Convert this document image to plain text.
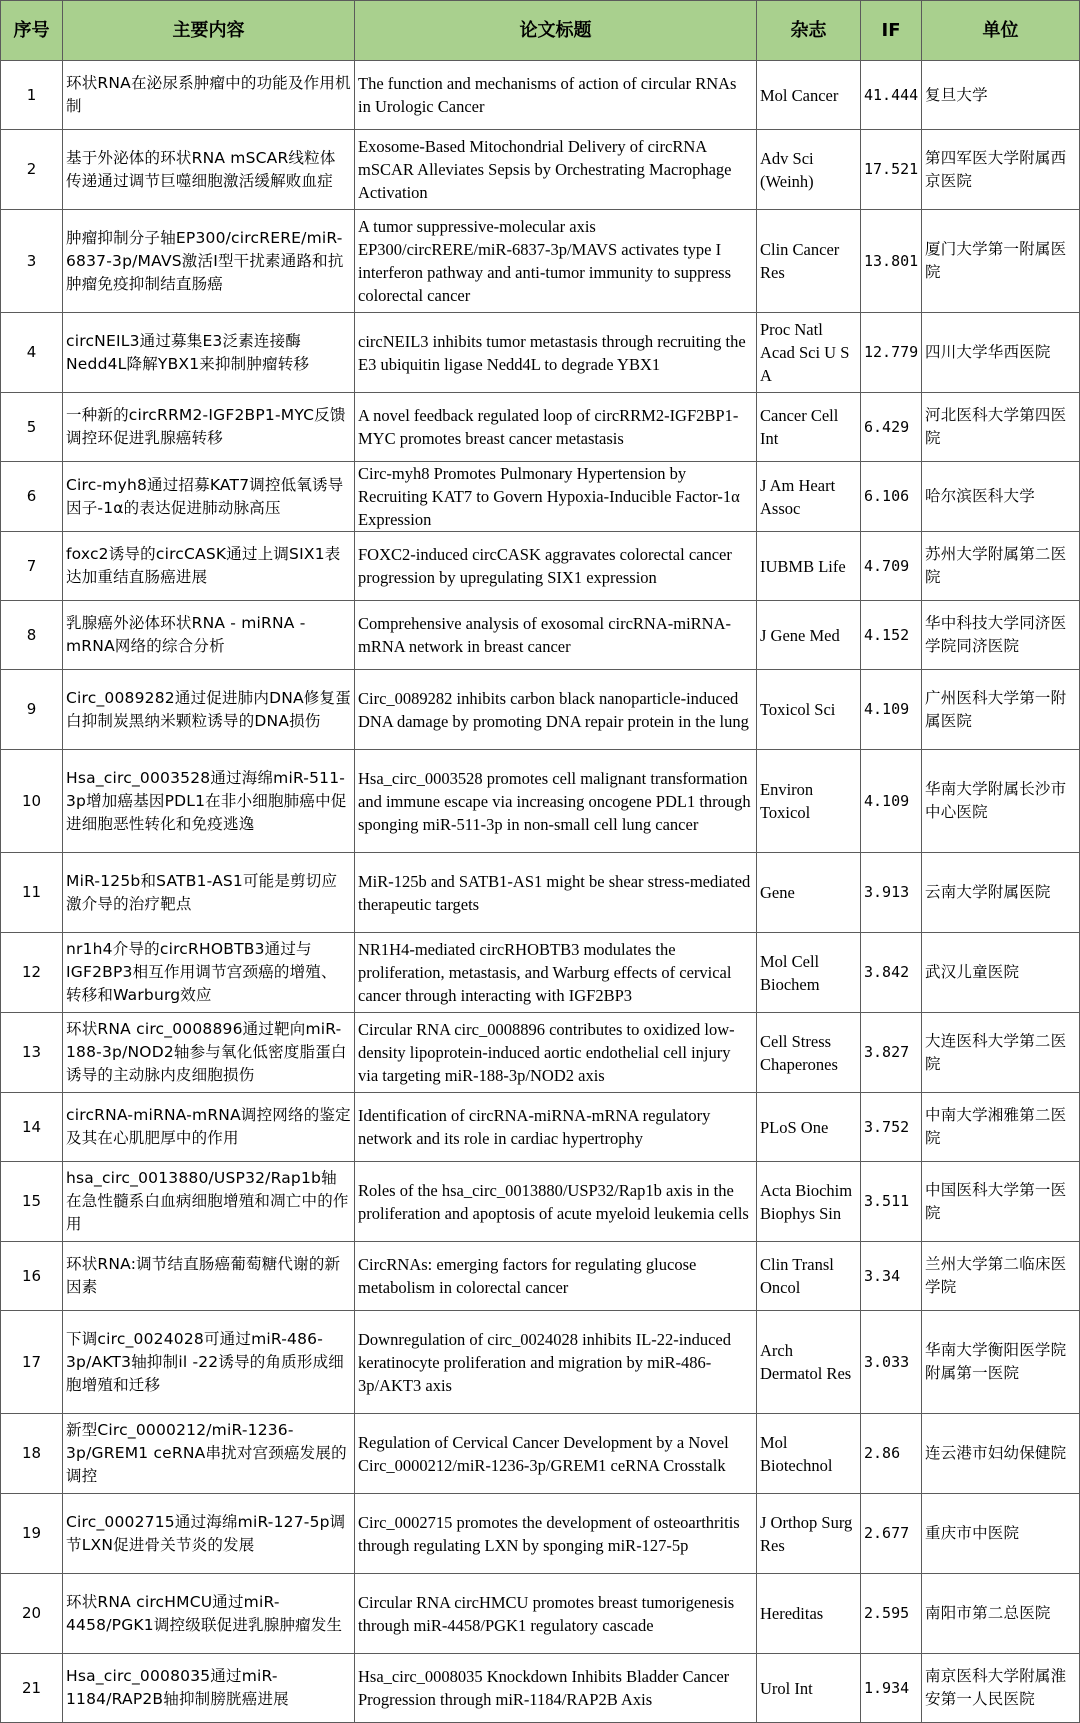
序号	主要内容	论文标题	杂志	IF	单位
1	环状RNA在泌尿系肿瘤中的功能及作用机制	The function and mechanisms of action of circular RNAs in Urologic Cancer	Mol Cancer	41.444	复旦大学
2	基于外泌体的环状RNA mSCAR线粒体传递通过调节巨噬细胞激活缓解败血症	Exosome-Based Mitochondrial Delivery of circRNA mSCAR Alleviates Sepsis by Orchestrating Macrophage Activation	Adv Sci (Weinh)	17.521	第四军医大学附属西京医院
3	肿瘤抑制分子轴EP300/circRERE/miR-6837-3p/MAVS激活I型干扰素通路和抗肿瘤免疫抑制结直肠癌	A tumor suppressive-molecular axis EP300/circRERE/miR-6837-3p/MAVS activates type I interferon pathway and anti-tumor immunity to suppress colorectal cancer	Clin Cancer Res	13.801	厦门大学第一附属医院
4	circNEIL3通过募集E3泛素连接酶Nedd4L降解YBX1来抑制肿瘤转移	circNEIL3 inhibits tumor metastasis through recruiting the E3 ubiquitin ligase Nedd4L to degrade YBX1	Proc Natl Acad Sci U S A	12.779	四川大学华西医院
5	一种新的circRRM2-IGF2BP1-MYC反馈调控环促进乳腺癌转移	A novel feedback regulated loop of circRRM2-IGF2BP1-MYC promotes breast cancer metastasis	Cancer Cell Int	6.429	河北医科大学第四医院
6	Circ-myh8通过招募KAT7调控低氧诱导因子-1α的表达促进肺动脉高压	Circ-myh8 Promotes Pulmonary Hypertension by Recruiting KAT7 to Govern Hypoxia-Inducible Factor-1α Expression	J Am Heart Assoc	6.106	哈尔滨医科大学
7	foxc2诱导的circCASK通过上调SIX1表达加重结直肠癌进展	FOXC2-induced circCASK aggravates colorectal cancer progression by upregulating SIX1 expression	IUBMB Life	4.709	苏州大学附属第二医院
8	乳腺癌外泌体环状RNA - miRNA - mRNA网络的综合分析	Comprehensive analysis of exosomal circRNA-miRNA-mRNA network in breast cancer	J Gene Med	4.152	华中科技大学同济医学院同济医院
9	Circ_0089282通过促进肺内DNA修复蛋白抑制炭黑纳米颗粒诱导的DNA损伤	Circ_0089282 inhibits carbon black nanoparticle-induced DNA damage by promoting DNA repair protein in the lung	Toxicol Sci	4.109	广州医科大学第一附属医院
10	Hsa_circ_0003528通过海绵miR-511-3p增加癌基因PDL1在非小细胞肺癌中促进细胞恶性转化和免疫逃逸	Hsa_circ_0003528 promotes cell malignant transformation and immune escape via increasing oncogene PDL1 through sponging miR-511-3p in non-small cell lung cancer	Environ Toxicol	4.109	华南大学附属长沙市中心医院
11	MiR-125b和SATB1-AS1可能是剪切应激介导的治疗靶点	MiR-125b and SATB1-AS1 might be shear stress-mediated therapeutic targets	Gene	3.913	云南大学附属医院
12	nr1h4介导的circRHOBTB3通过与IGF2BP3相互作用调节宫颈癌的增殖、转移和Warburg效应	NR1H4-mediated circRHOBTB3 modulates the proliferation, metastasis, and Warburg effects of cervical cancer through interacting with IGF2BP3	Mol Cell Biochem	3.842	武汉儿童医院
13	环状RNA circ_0008896通过靶向miR-188-3p/NOD2轴参与氧化低密度脂蛋白诱导的主动脉内皮细胞损伤	Circular RNA circ_0008896 contributes to oxidized low-density lipoprotein-induced aortic endothelial cell injury via targeting miR-188-3p/NOD2 axis	Cell Stress Chaperones	3.827	大连医科大学第二医院
14	circRNA-miRNA-mRNA调控网络的鉴定及其在心肌肥厚中的作用	Identification of circRNA-miRNA-mRNA regulatory network and its role in cardiac hypertrophy	PLoS One	3.752	中南大学湘雅第二医院
15	hsa_circ_0013880/USP32/Rap1b轴在急性髓系白血病细胞增殖和凋亡中的作用	Roles of the hsa_circ_0013880/USP32/Rap1b axis in the proliferation and apoptosis of acute myeloid leukemia cells	Acta Biochim Biophys Sin	3.511	中国医科大学第一医院
16	环状RNA:调节结直肠癌葡萄糖代谢的新因素	CircRNAs: emerging factors for regulating glucose metabolism in colorectal cancer	Clin Transl Oncol	3.34	兰州大学第二临床医学院
17	下调circ_0024028可通过miR-486-3p/AKT3轴抑制il -22诱导的角质形成细胞增殖和迁移	Downregulation of circ_0024028 inhibits IL-22-induced keratinocyte proliferation and migration by miR-486-3p/AKT3 axis	Arch Dermatol Res	3.033	华南大学衡阳医学院附属第一医院
18	新型Circ_0000212/miR-1236-3p/GREM1 ceRNA串扰对宫颈癌发展的调控	Regulation of Cervical Cancer Development by a Novel Circ_0000212/miR-1236-3p/GREM1 ceRNA Crosstalk	Mol Biotechnol	2.86	连云港市妇幼保健院
19	Circ_0002715通过海绵miR-127-5p调节LXN促进骨关节炎的发展	Circ_0002715 promotes the development of osteoarthritis through regulating LXN by sponging miR-127-5p	J Orthop Surg Res	2.677	重庆市中医院
20	环状RNA circHMCU通过miR-4458/PGK1调控级联促进乳腺肿瘤发生	Circular RNA circHMCU promotes breast tumorigenesis through miR-4458/PGK1 regulatory cascade	Hereditas	2.595	南阳市第二总医院
21	Hsa_circ_0008035通过miR-1184/RAP2B轴抑制膀胱癌进展	Hsa_circ_0008035 Knockdown Inhibits Bladder Cancer Progression through miR-1184/RAP2B Axis	Urol Int	1.934	南京医科大学附属淮安第一人民医院
